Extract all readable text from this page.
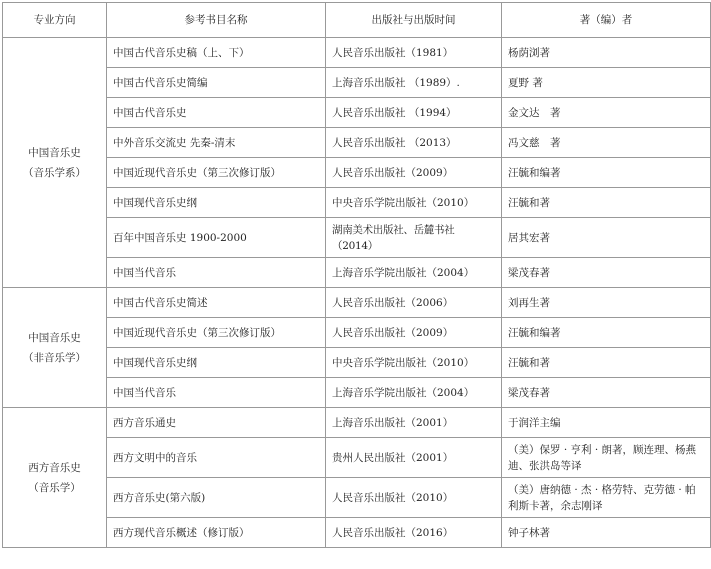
专业方向	参考书目名称	出版社与出版时间	著（编）者

中国音乐史
（音乐学系）	中国古代音乐史稿（上、下）	人民音乐出版社（1981）	杨荫浏著
	中国古代音乐史简编	上海音乐出版社 （1989）.	夏野 著
	中国古代音乐史	人民音乐出版社 （1994）	金文达　著
	中外音乐交流史 先秦-清末	人民音乐出版社 （2013）	冯文慈　著
	中国近现代音乐史（第三次修订版）	人民音乐出版社（2009）	汪毓和编著
	中国现代音乐史纲	中央音乐学院出版社（2010）	汪毓和著
	百年中国音乐史 1900-2000	湖南美术出版社、岳麓书社（2014）	居其宏著
	中国当代音乐	上海音乐学院出版社（2004）	梁茂春著

中国音乐史
（非音乐学）	中国古代音乐史简述	人民音乐出版社（2006）	刘再生著
	中国近现代音乐史（第三次修订版）	人民音乐出版社（2009）	汪毓和编著
	中国现代音乐史纲	中央音乐学院出版社（2010）	汪毓和著
	中国当代音乐	上海音乐学院出版社（2004）	梁茂春著

西方音乐史
（音乐学）	西方音乐通史	上海音乐出版社（2001）	于润洋主编
	西方文明中的音乐	贵州人民出版社（2001）	（美）保罗 · 亨利 · 朗著，顾连理、杨燕迪、张洪岛等译
	西方音乐史(第六版)	人民音乐出版社（2010）	（美）唐纳德 · 杰 · 格劳特、克劳德 · 帕利斯卡著，余志刚译
	西方现代音乐概述（修订版）	人民音乐出版社（2016）	钟子林著
